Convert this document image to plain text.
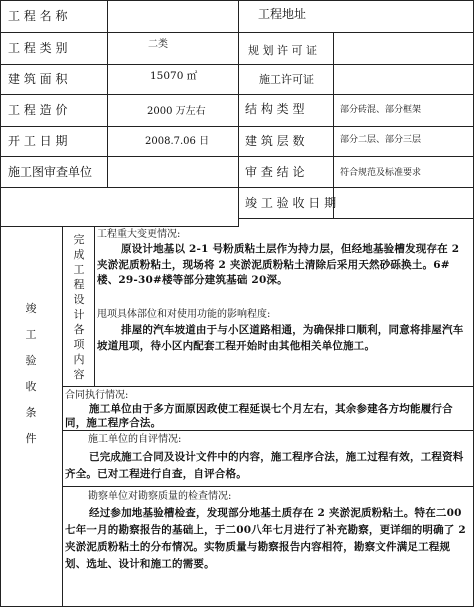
工 程 名 称	工程地址
工 程 类 别	二类	规 划 许 可 证
建 筑 面 积	15070 ㎡	施工许可证
工 程 造 价	2000 万左右	结 构 类 型	部分砖混、部分框架
开 工 日 期	2008.7.06 日	建 筑 层 数	部分二层、部分三层
施工图审查单位	审 查 结 论	符合规范及标准要求
竣 工 验 收 日 期
竣工验收条件
完成工程设计各项内容
工程重大变更情况:
原设计地基以 2-1 号粉质粘土层作为持力层，但经地基验槽发现存在 2 夹淤泥质粉粘土，现场将 2 夹淤泥质粉粘土清除后采用天然砂砾换土。6#楼、29-30#楼等部分建筑基础 20深。
甩项具体部位和对使用功能的影响程度:
排屋的汽车坡道由于与小区道路相通，为确保排口顺利，同意将排屋汽车坡道甩项，待小区内配套工程开始时由其他相关单位施工。
合同执行情况:
施工单位由于多方面原因政使工程延误七个月左右，其余参建各方均能履行合同，施工程序合法。
施工单位的自评情况:
已完成施工合同及设计文件中的内容，施工程序合法，施工过程有效，工程资料齐全。已对工程进行自查，自评合格。
勘察单位对勘察质量的检查情况:
经过参加地基验槽检查，发现部分地基土质存在 2 夹淤泥质粉粘土。特在二00七年一月的勘察报告的基础上，于二00八年七月进行了补充勘察，更详细的明确了 2 夹淤泥质粉粘土的分布情况。实物质量与勘察报告内容相符，勘察文件满足工程规划、选址、设计和施工的需要。
